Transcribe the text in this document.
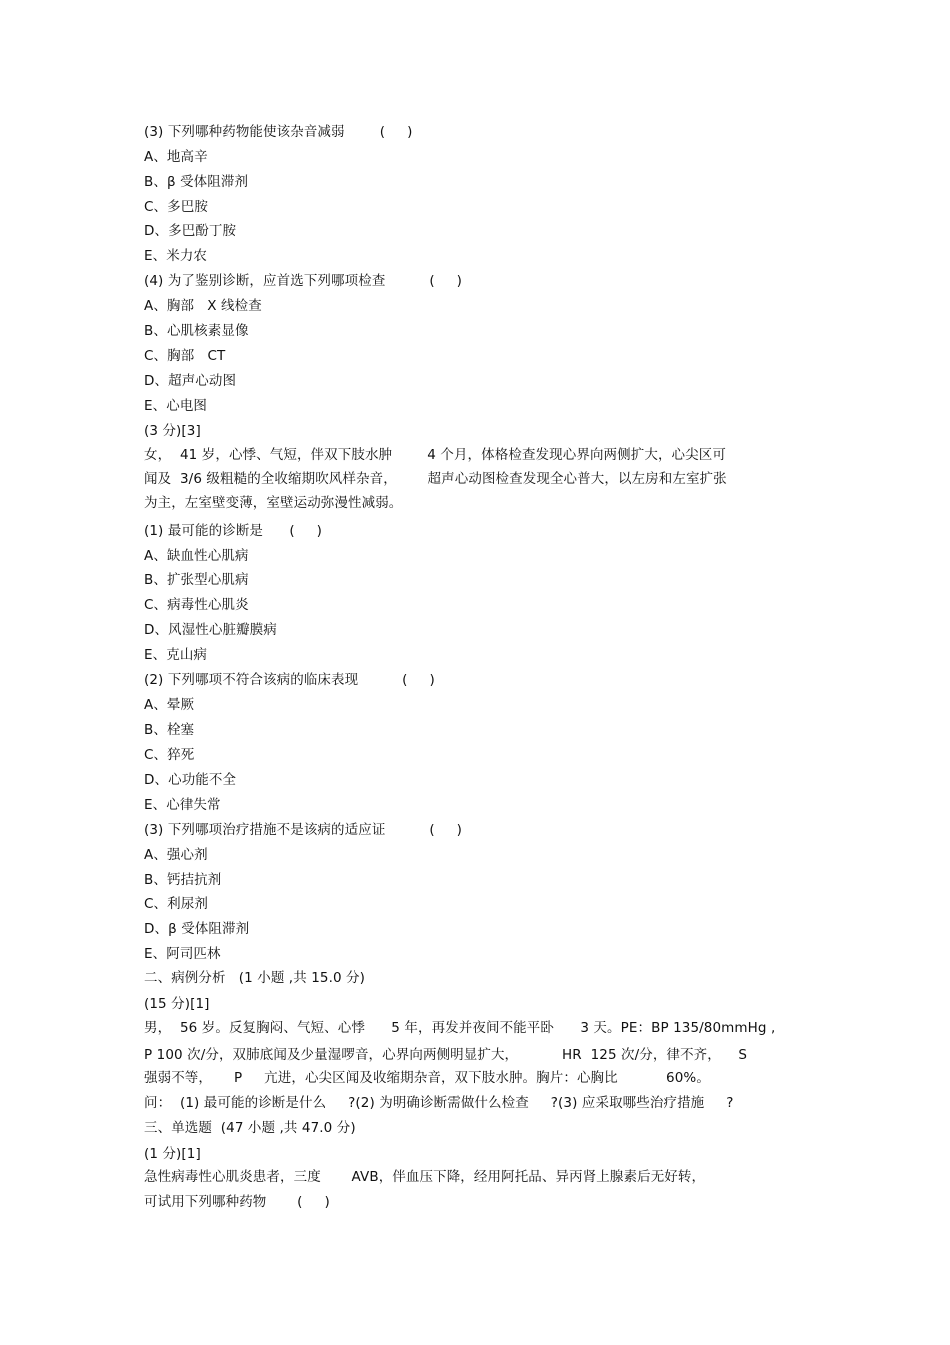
(3) 下列哪种药物能使该杂音减弱        (     )
A、地高辛
B、β 受体阻滞剂
C、多巴胺
D、多巴酚丁胺
E、米力农
(4) 为了鉴别诊断，应首选下列哪项检查          (     )
A、胸部   X 线检查
B、心肌核素显像
C、胸部   CT
D、超声心动图
E、心电图
(3 分)[3]
女，  41 岁，心悸、气短，伴双下肢水肿        4 个月，体格检查发现心界向两侧扩大，心尖区可
闻及  3/6 级粗糙的全收缩期吹风样杂音，       超声心动图检查发现全心普大，以左房和左室扩张
为主，左室壁变薄，室壁运动弥漫性减弱。
(1) 最可能的诊断是      (     )
A、缺血性心肌病
B、扩张型心肌病
C、病毒性心肌炎
D、风湿性心脏瓣膜病
E、克山病
(2) 下列哪项不符合该病的临床表现          (     )
A、晕厥
B、栓塞
C、猝死
D、心功能不全
E、心律失常
(3) 下列哪项治疗措施不是该病的适应证          (     )
A、强心剂
B、钙拮抗剂
C、利尿剂
D、β 受体阻滞剂
E、阿司匹林
二、病例分析   (1 小题 ,共 15.0 分)
(15 分)[1]
男，  56 岁。反复胸闷、气短、心悸      5 年，再发并夜间不能平卧      3 天。PE：BP 135/80mmHg ,
P 100 次/分，双肺底闻及少量湿啰音，心界向两侧明显扩大，          HR  125 次/分，律不齐，    S
强弱不等，     P     亢进，心尖区闻及收缩期杂音，双下肢水肿。胸片：心胸比           60%。
问：  (1) 最可能的诊断是什么     ?(2) 为明确诊断需做什么检查     ?(3) 应采取哪些治疗措施     ?
三、单选题  (47 小题 ,共 47.0 分)
(1 分)[1]
急性病毒性心肌炎患者，三度       AVB，伴血压下降，经用阿托品、异丙肾上腺素后无好转，
可试用下列哪种药物       (     )
